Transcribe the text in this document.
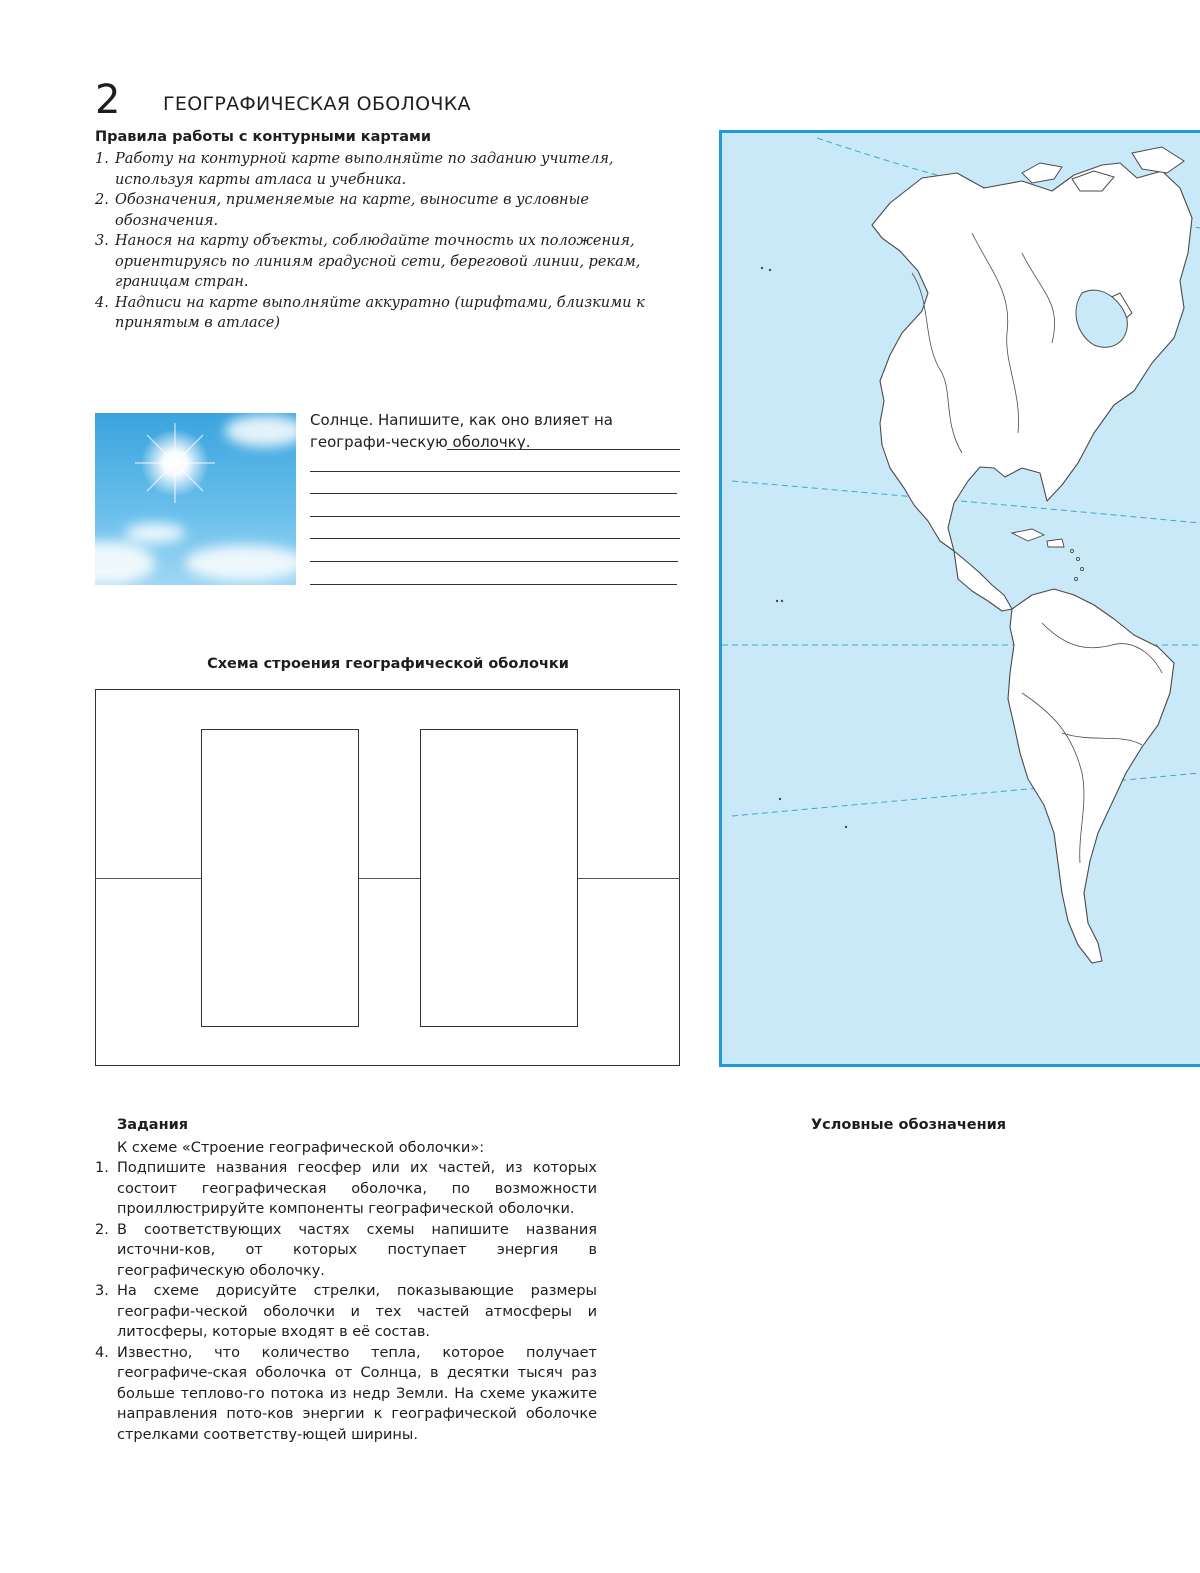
2 ГЕОГРАФИЧЕСКАЯ ОБОЛОЧКА
Правила работы с контурными картами
1. Работу на контурной карте выполняйте по заданию учителя, используя карты атласа и учебника.
2. Обозначения, применяемые на карте, выносите в условные обозначения.
3. Нанося на карту объекты, соблюдайте точность их положения, ориентируясь по линиям градусной сети, береговой линии, рекам, границам стран.
4. Надписи на карте выполняйте аккуратно (шрифтами, близкими к принятым в атласе)
Солнце. Напишите, как оно влияет на географи-ческую оболочку.
Схема строения географической оболочки
Задания
К схеме «Строение географической оболочки»:
1. Подпишите названия геосфер или их частей, из которых состоит географическая оболочка, по возможности проиллюстрируйте компоненты географической оболочки.
2. В соответствующих частях схемы напишите названия источни-ков, от которых поступает энергия в географическую оболочку.
3. На схеме дорисуйте стрелки, показывающие размеры географи-ческой оболочки и тех частей атмосферы и литосферы, которые входят в её состав.
4. Известно, что количество тепла, которое получает географиче-ская оболочка от Солнца, в десятки тысяч раз больше теплово-го потока из недр Земли. На схеме укажите направления пото-ков энергии к географической оболочке стрелками соответству-ющей ширины.
Условные обозначения
